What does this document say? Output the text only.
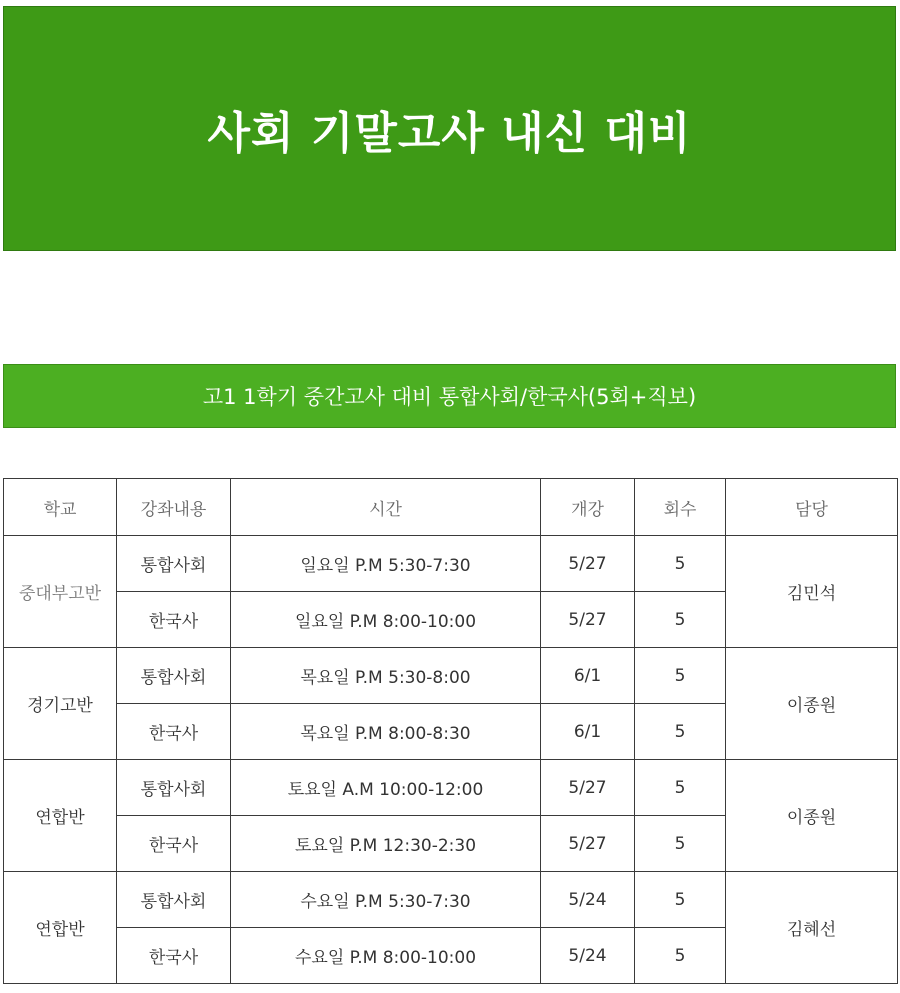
사회 기말고사 내신 대비
고1 1학기 중간고사 대비 통합사회/한국사(5회+직보)
학교	강좌내용	시간	개강	회수	담당
중대부고반	통합사회	일요일 P.M 5:30-7:30	5/27	5	김민석
	한국사	일요일 P.M 8:00-10:00	5/27	5	
경기고반	통합사회	목요일 P.M 5:30-8:00	6/1	5	이종원
	한국사	목요일 P.M 8:00-8:30	6/1	5	
연합반	통합사회	토요일 A.M 10:00-12:00	5/27	5	이종원
	한국사	토요일 P.M 12:30-2:30	5/27	5	
연합반	통합사회	수요일 P.M 5:30-7:30	5/24	5	김혜선
	한국사	수요일 P.M 8:00-10:00	5/24	5	
